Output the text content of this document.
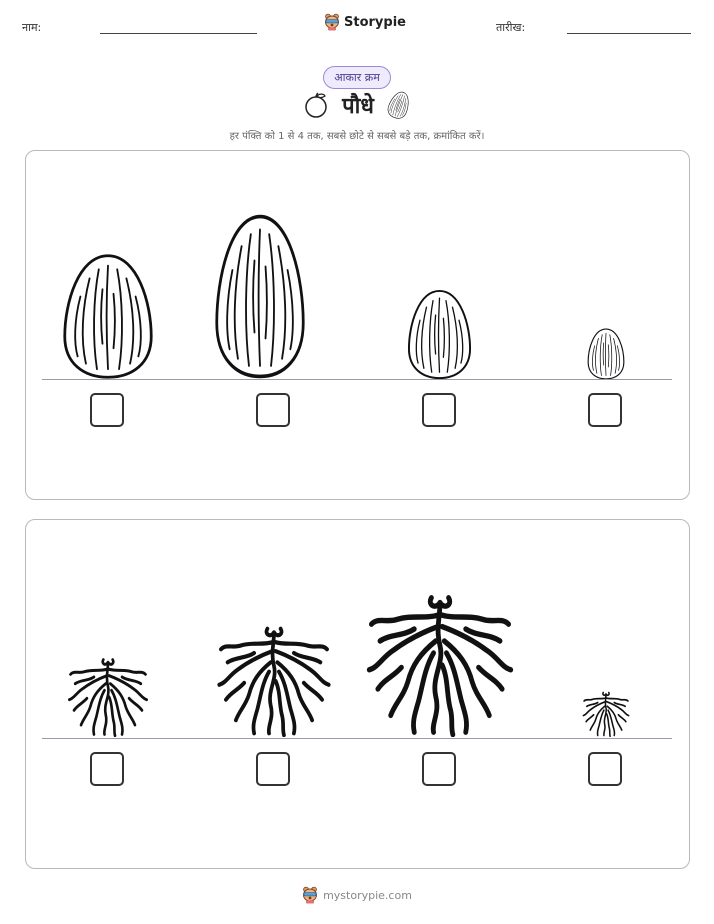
नाम:	Storypie	तारीख:
आकार क्रम
पौधे
हर पंक्ति को 1 से 4 तक, सबसे छोटे से सबसे बड़े तक, क्रमांकित करें।
mystorypie.com
